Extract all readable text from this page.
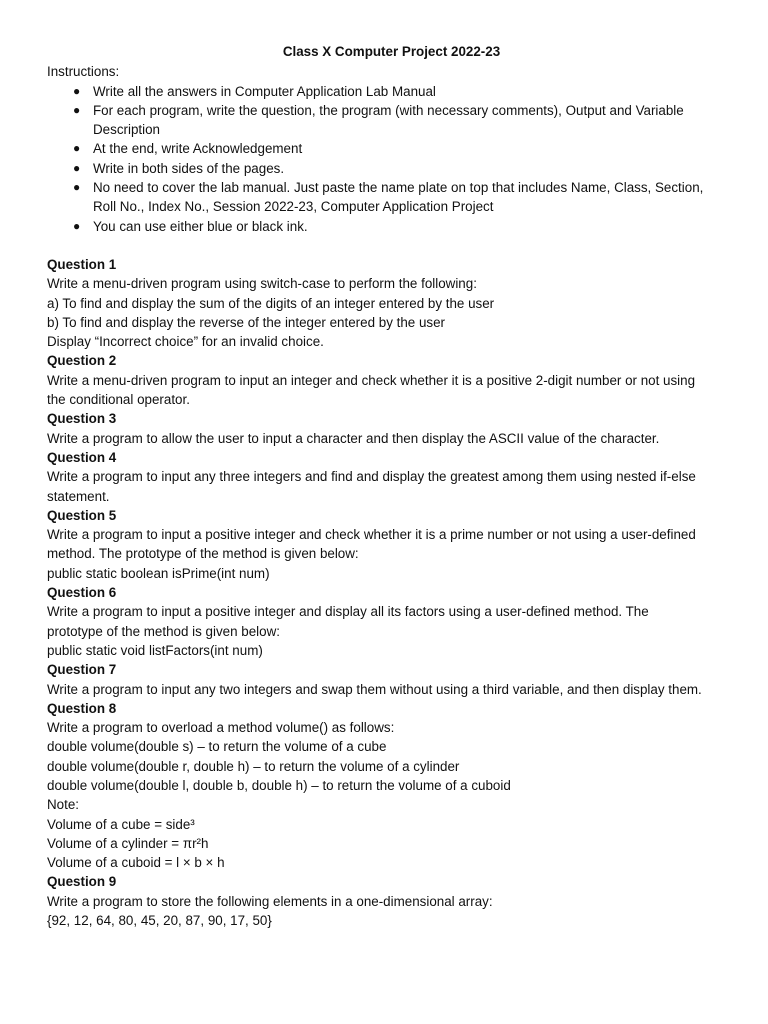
Class X Computer Project 2022-23
Instructions:
● Write all the answers in Computer Application Lab Manual
● For each program, write the question, the program (with necessary comments), Output and Variable Description
● At the end, write Acknowledgement
● Write in both sides of the pages.
● No need to cover the lab manual. Just paste the name plate on top that includes Name, Class, Section, Roll No., Index No., Session 2022-23, Computer Application Project
● You can use either blue or black ink.
Question 1
Write a menu-driven program using switch-case to perform the following:
a) To find and display the sum of the digits of an integer entered by the user
b) To find and display the reverse of the integer entered by the user
Display “Incorrect choice” for an invalid choice.
Question 2
Write a menu-driven program to input an integer and check whether it is a positive 2-digit number or not using the conditional operator.
Question 3
Write a program to allow the user to input a character and then display the ASCII value of the character.
Question 4
Write a program to input any three integers and find and display the greatest among them using nested if-else statement.
Question 5
Write a program to input a positive integer and check whether it is a prime number or not using a user-defined method. The prototype of the method is given below:
public static boolean isPrime(int num)
Question 6
Write a program to input a positive integer and display all its factors using a user-defined method. The prototype of the method is given below:
public static void listFactors(int num)
Question 7
Write a program to input any two integers and swap them without using a third variable, and then display them.
Question 8
Write a program to overload a method volume() as follows:
double volume(double s) – to return the volume of a cube
double volume(double r, double h) – to return the volume of a cylinder
double volume(double l, double b, double h) – to return the volume of a cuboid
Note:
Volume of a cube = side³
Volume of a cylinder = πr²h
Volume of a cuboid = l × b × h
Question 9
Write a program to store the following elements in a one-dimensional array:
{92, 12, 64, 80, 45, 20, 87, 90, 17, 50}
